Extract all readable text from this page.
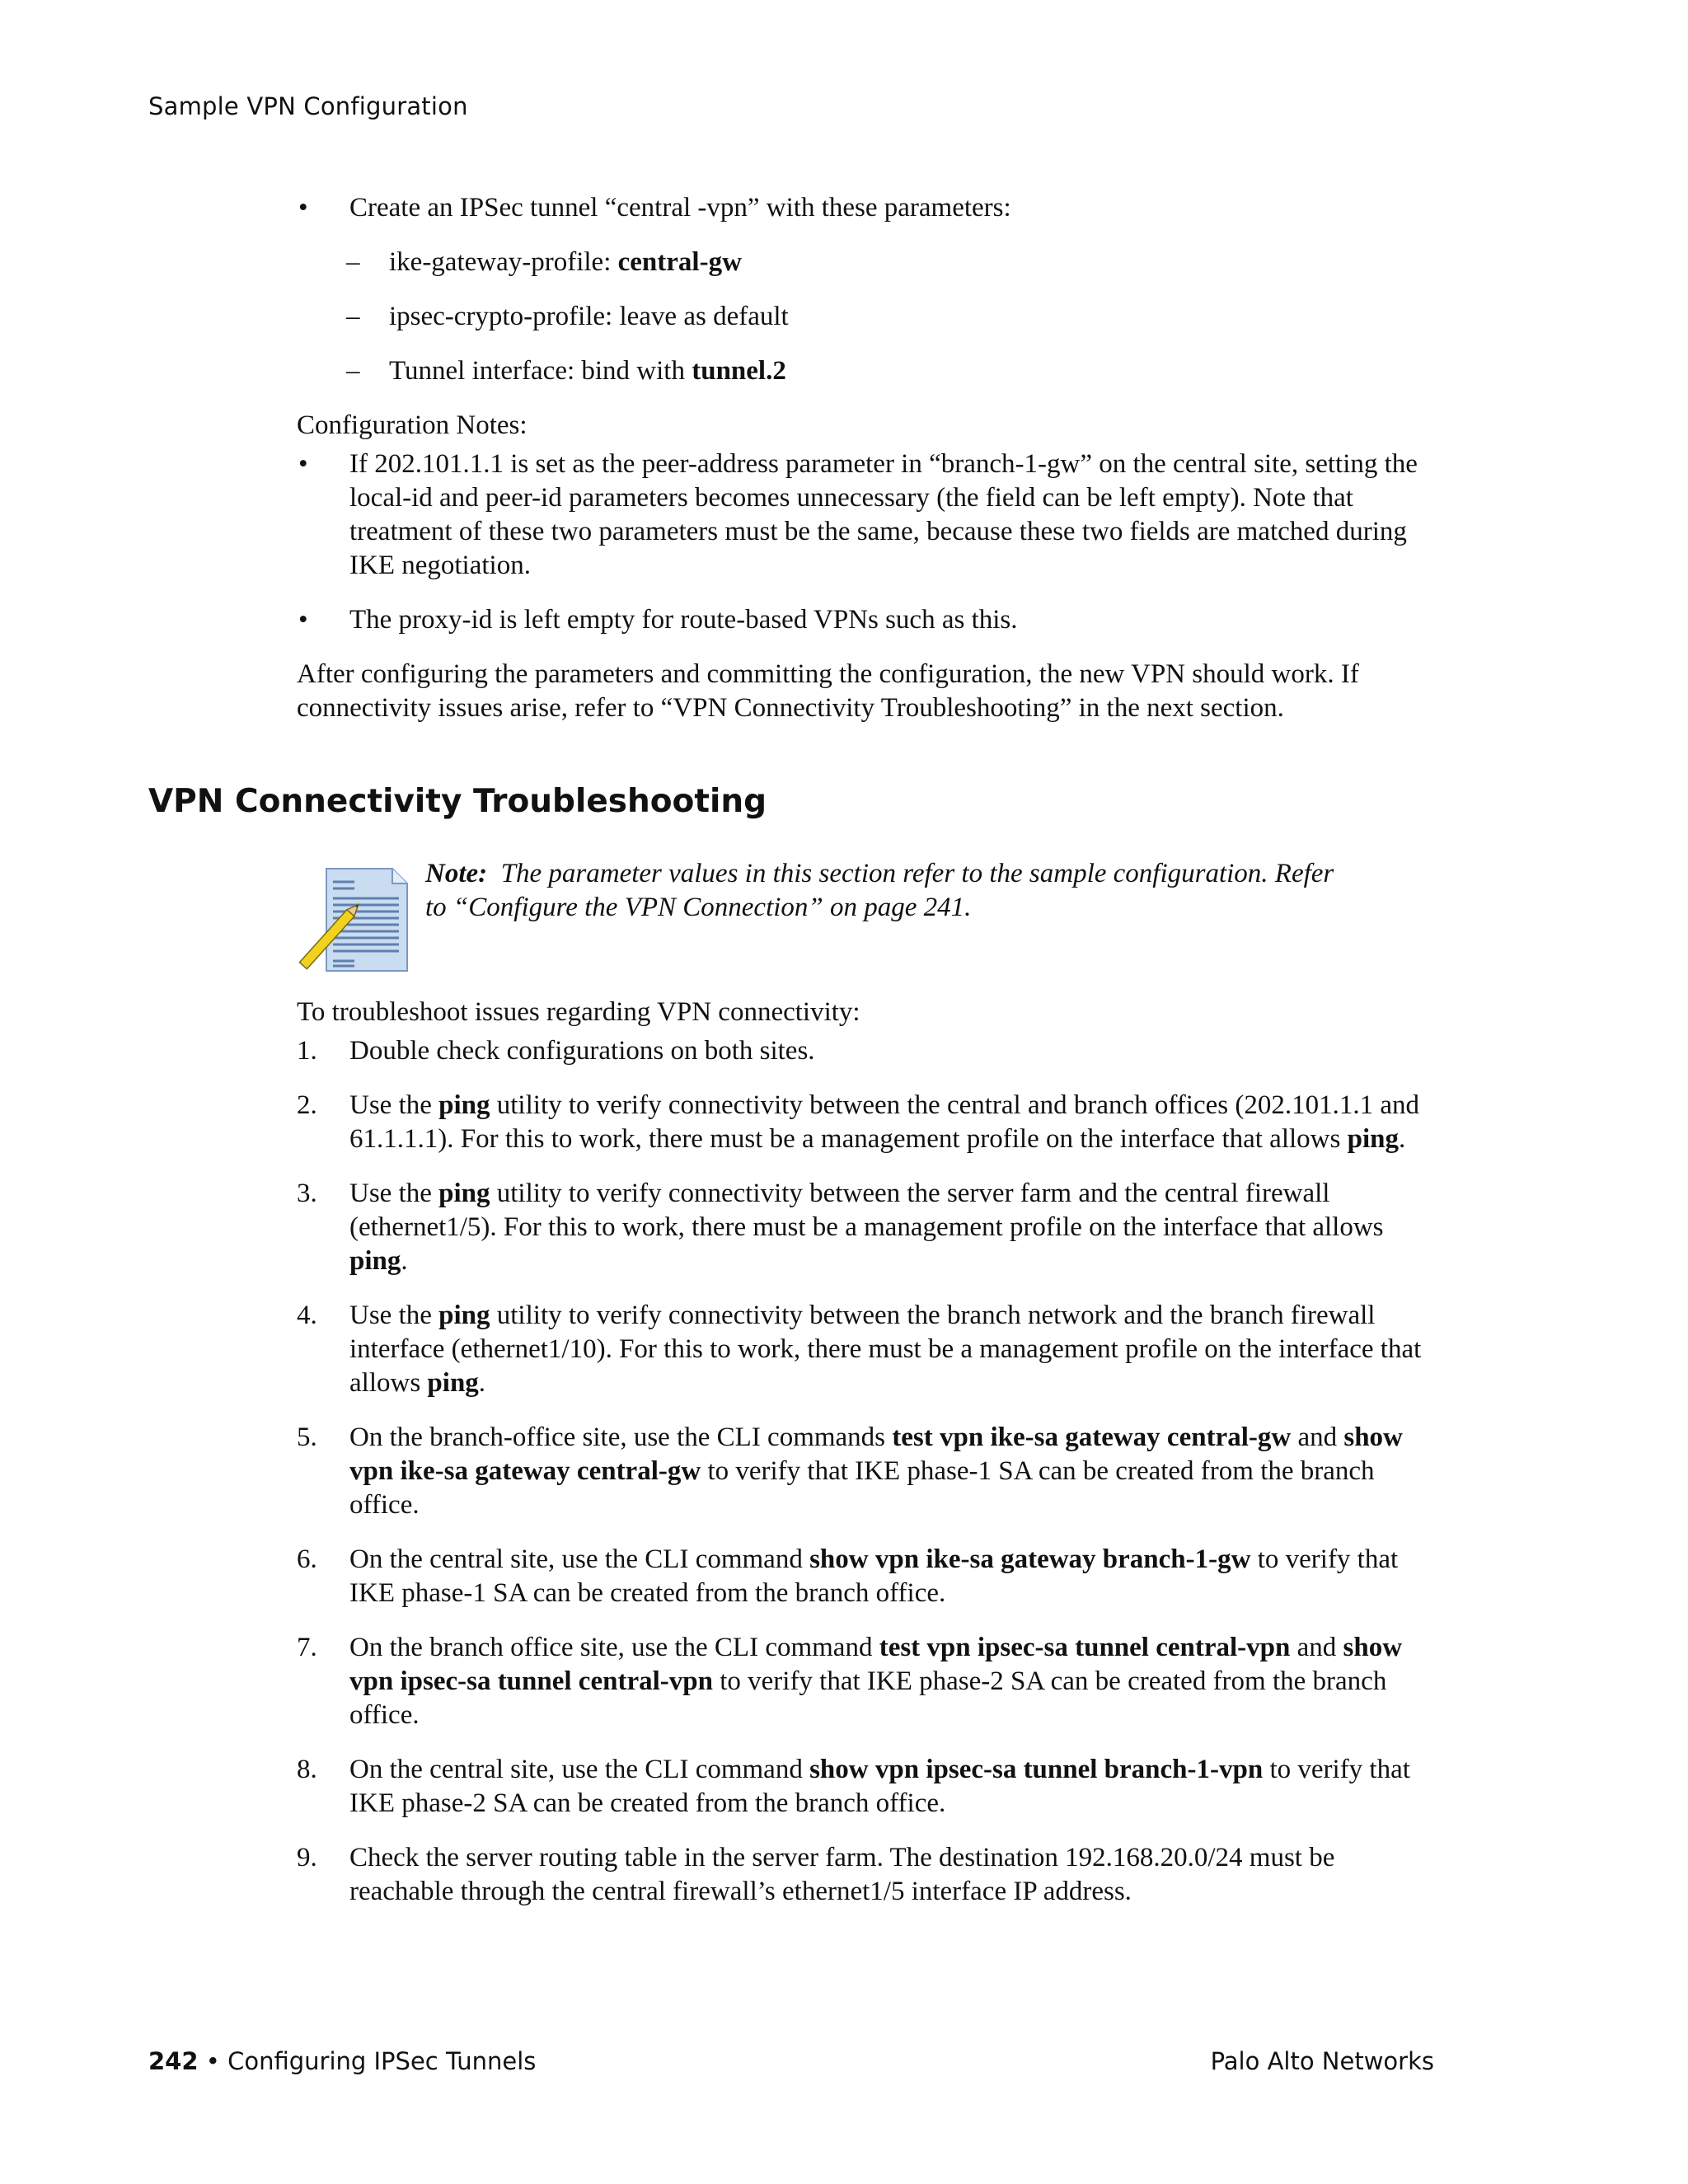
Sample VPN Configuration
• Create an IPSec tunnel “central -vpn” with these parameters:
– ike-gateway-profile: central-gw
– ipsec-crypto-profile: leave as default
– Tunnel interface: bind with tunnel.2

Configuration Notes:

• If 202.101.1.1 is set as the peer-address parameter in “branch-1-gw” on the central site, setting the local-id and peer-id parameters becomes unnecessary (the field can be left empty). Note that treatment of these two parameters must be the same, because these two fields are matched during IKE negotiation.
• The proxy-id is left empty for route-based VPNs such as this.

After configuring the parameters and committing the configuration, the new VPN should work. If connectivity issues arise, refer to “VPN Connectivity Troubleshooting” in the next section.

VPN Connectivity Troubleshooting
Note: The parameter values in this section refer to the sample configuration. Refer to “Configure the VPN Connection” on page 241.

To troubleshoot issues regarding VPN connectivity:

1. Double check configurations on both sites.
2. Use the ping utility to verify connectivity between the central and branch offices (202.101.1.1 and 61.1.1.1). For this to work, there must be a management profile on the interface that allows ping.
3. Use the ping utility to verify connectivity between the server farm and the central firewall (ethernet1/5). For this to work, there must be a management profile on the interface that allows ping.
4. Use the ping utility to verify connectivity between the branch network and the branch firewall interface (ethernet1/10). For this to work, there must be a management profile on the interface that allows ping.
5. On the branch-office site, use the CLI commands test vpn ike-sa gateway central-gw and show vpn ike-sa gateway central-gw to verify that IKE phase-1 SA can be created from the branch office.
6. On the central site, use the CLI command show vpn ike-sa gateway branch-1-gw to verify that IKE phase-1 SA can be created from the branch office.
7. On the branch office site, use the CLI command test vpn ipsec-sa tunnel central-vpn and show vpn ipsec-sa tunnel central-vpn to verify that IKE phase-2 SA can be created from the branch office.
8. On the central site, use the CLI command show vpn ipsec-sa tunnel branch-1-vpn to verify that IKE phase-2 SA can be created from the branch office.
9. Check the server routing table in the server farm. The destination 192.168.20.0/24 must be reachable through the central firewall’s ethernet1/5 interface IP address.
242 • Configuring IPSec Tunnels	Palo Alto Networks
